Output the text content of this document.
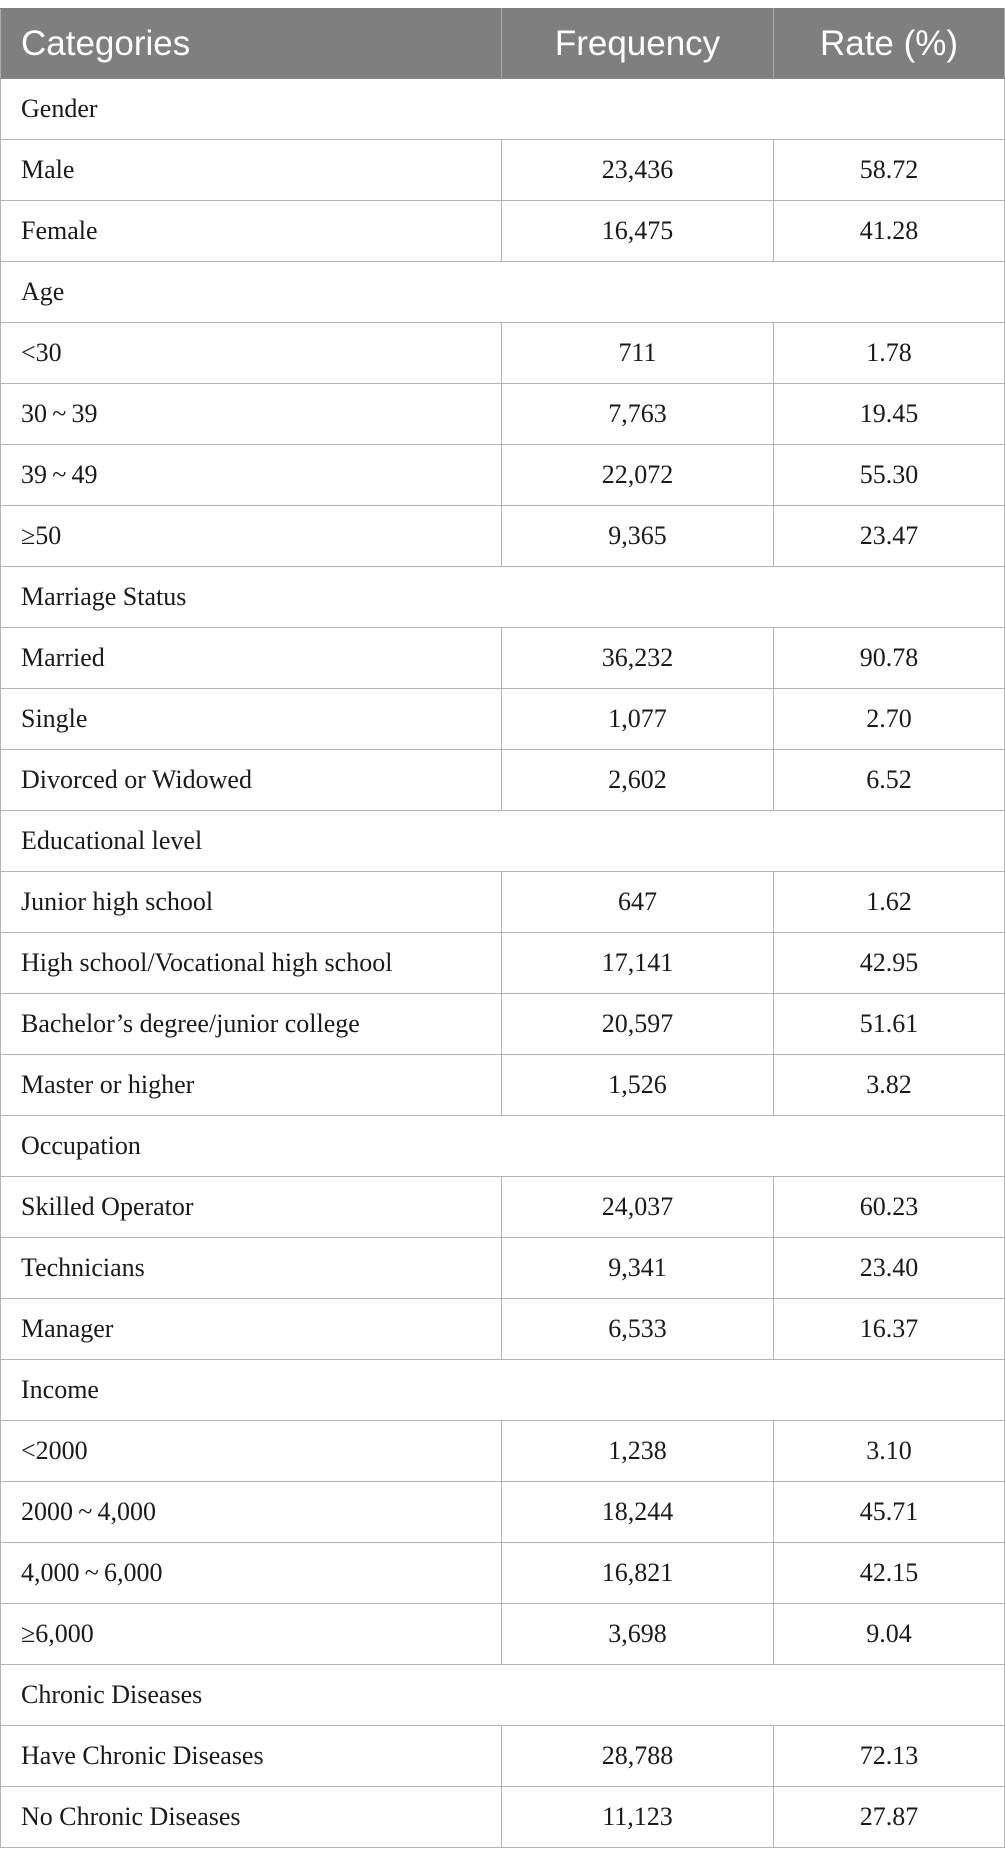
Categories	Frequency	Rate (%)
Gender		
Male	23,436	58.72
Female	16,475	41.28
Age		
<30	711	1.78
30 ~ 39	7,763	19.45
39 ~ 49	22,072	55.30
≥50	9,365	23.47
Marriage Status		
Married	36,232	90.78
Single	1,077	2.70
Divorced or Widowed	2,602	6.52
Educational level		
Junior high school	647	1.62
High school/Vocational high school	17,141	42.95
Bachelor’s degree/junior college	20,597	51.61
Master or higher	1,526	3.82
Occupation		
Skilled Operator	24,037	60.23
Technicians	9,341	23.40
Manager	6,533	16.37
Income		
<2000	1,238	3.10
2000 ~ 4,000	18,244	45.71
4,000 ~ 6,000	16,821	42.15
≥6,000	3,698	9.04
Chronic Diseases		
Have Chronic Diseases	28,788	72.13
No Chronic Diseases	11,123	27.87
